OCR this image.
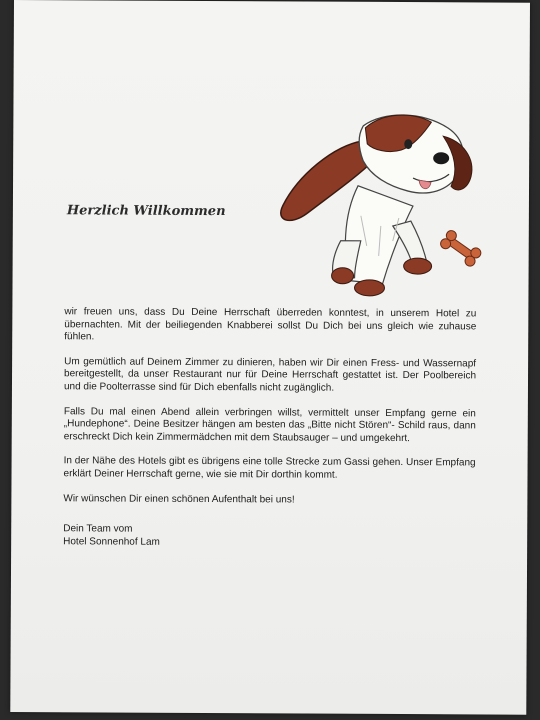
Herzlich Willkommen

wir freuen uns, dass Du Deine Herrschaft überreden konntest, in unserem Hotel zu übernachten. Mit der beiliegenden Knabberei sollst Du Dich bei uns gleich wie zuhause fühlen.

Um gemütlich auf Deinem Zimmer zu dinieren, haben wir Dir einen Fress- und Wassernapf bereitgestellt, da unser Restaurant nur für Deine Herrschaft gestattet ist. Der Poolbereich und die Poolterrasse sind für Dich ebenfalls nicht zugänglich.

Falls Du mal einen Abend allein verbringen willst, vermittelt unser Empfang gerne ein „Hundephone“. Deine Besitzer hängen am besten das „Bitte nicht Stören“- Schild raus, dann erschreckt Dich kein Zimmermädchen mit dem Staubsauger – und umgekehrt.

In der Nähe des Hotels gibt es übrigens eine tolle Strecke zum Gassi gehen. Unser Empfang erklärt Deiner Herrschaft gerne, wie sie mit Dir dorthin kommt.

Wir wünschen Dir einen schönen Aufenthalt bei uns!

Dein Team vom
Hotel Sonnenhof Lam
